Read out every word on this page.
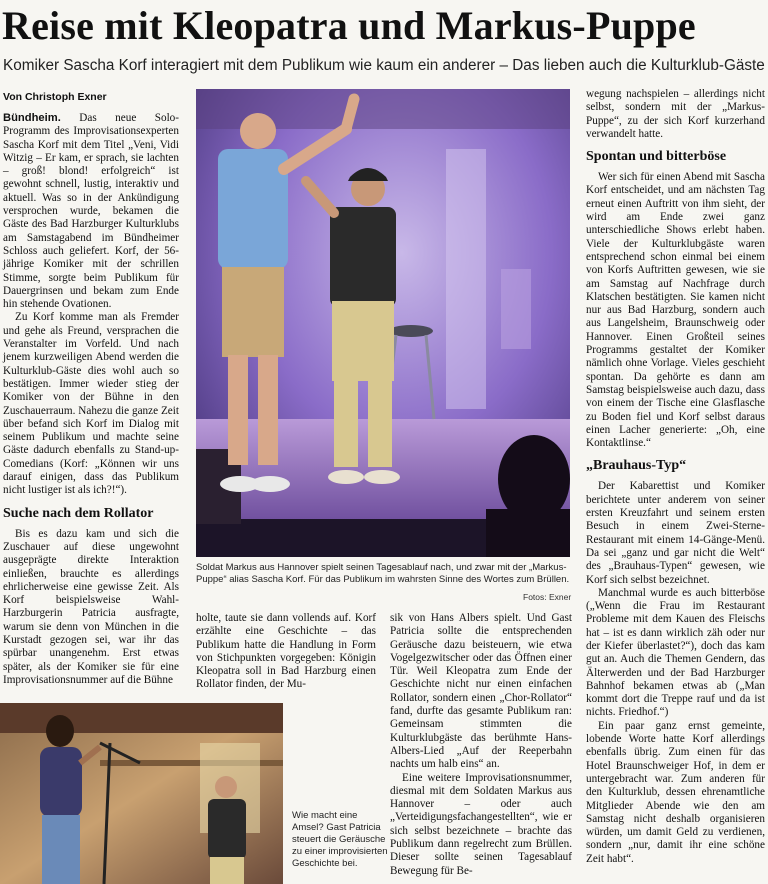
Reise mit Kleopatra und Markus-Puppe
Komiker Sascha Korf interagiert mit dem Publikum wie kaum ein anderer – Das lieben auch die Kulturklub-Gäste
Von Christoph Exner

Bündheim. Das neue Solo-Programm des Improvisationsexperten Sascha Korf mit dem Titel „Veni, Vidi Witzig – Er kam, er sprach, sie lachten – groß! blond! erfolgreich“ ist gewohnt schnell, lustig, interaktiv und aktuell. Was so in der Ankündigung versprochen wurde, bekamen die Gäste des Bad Harzburger Kulturklubs am Samstagabend im Bündheimer Schloss auch geliefert. Korf, der 56-jährige Komiker mit der schrillen Stimme, sorgte beim Publikum für Dauergrinsen und bekam zum Ende hin stehende Ovationen.

Zu Korf komme man als Fremder und gehe als Freund, versprachen die Veranstalter im Vorfeld. Und nach jenem kurzweiligen Abend werden die Kulturklub-Gäste dies wohl auch so bestätigen. Immer wieder stieg der Komiker von der Bühne in den Zuschauerraum. Nahezu die ganze Zeit über befand sich Korf im Dialog mit seinem Publikum und machte seine Gäste dadurch ebenfalls zu Stand-up-Comedians (Korf: „Können wir uns darauf einigen, dass das Publikum nicht lustiger ist als ich?!“).

Suche nach dem Rollator

Bis es dazu kam und sich die Zuschauer auf diese ungewohnt ausgeprägte direkte Interaktion einließen, brauchte es allerdings ehrlicherweise eine gewisse Zeit. Als Korf beispielsweise Wahl-Harzburgerin Patricia ausfragte, warum sie denn von München in die Kurstadt gezogen sei, war ihr das spürbar unangenehm. Erst etwas später, als der Komiker sie für eine Improvisationsnummer auf die Bühne

Soldat Markus aus Hannover spielt seinen Tagesablauf nach, und zwar mit der „Markus-Puppe“ alias Sascha Korf. Für das Publikum im wahrsten Sinne des Wortes zum Brüllen.
Fotos: Exner

holte, taute sie dann vollends auf. Korf erzählte eine Geschichte – das Publikum hatte die Handlung in Form von Stichpunkten vorgegeben: Königin Kleopatra soll in Bad Harzburg einen Rollator finden, der Mu-

sik von Hans Albers spielt. Und Gast Patricia sollte die entsprechenden Geräusche dazu beisteuern, wie etwa Vogelgezwitscher oder das Öffnen einer Tür. Weil Kleopatra zum Ende der Geschichte nicht nur einen einfachen Rollator, sondern einen „Chor-Rollator“ fand, durfte das gesamte Publikum ran: Gemeinsam stimmten die Kulturklubgäste das berühmte Hans-Albers-Lied „Auf der Reeperbahn nachts um halb eins“ an.

Eine weitere Improvisationsnummer, diesmal mit dem Soldaten Markus aus Hannover – oder auch „Verteidigungsfachangestellten“, wie er sich selbst bezeichnete – brachte das Publikum dann regelrecht zum Brüllen. Dieser sollte seinen Tagesablauf Bewegung für Be-

Wie macht eine Amsel? Gast Patricia steuert die Geräusche zu einer improvisierten Geschichte bei.

wegung nachspielen – allerdings nicht selbst, sondern mit der „Markus-Puppe“, zu der sich Korf kurzerhand verwandelt hatte.

Spontan und bitterböse

Wer sich für einen Abend mit Sascha Korf entscheidet, und am nächsten Tag erneut einen Auftritt von ihm sieht, der wird am Ende zwei ganz unterschiedliche Shows erlebt haben. Viele der Kulturklubgäste waren entsprechend schon einmal bei einem von Korfs Auftritten gewesen, wie sie am Samstag auf Nachfrage durch Klatschen bestätigten. Sie kamen nicht nur aus Bad Harzburg, sondern auch aus Langelsheim, Braunschweig oder Hannover. Einen Großteil seines Programms gestaltet der Komiker nämlich ohne Vorlage. Vieles geschieht spontan. Da gehörte es dann am Samstag beispielsweise auch dazu, dass von einem der Tische eine Glasflasche zu Boden fiel und Korf selbst daraus einen Lacher generierte: „Oh, eine Kontaktlinse.“

„Brauhaus-Typ“

Der Kabarettist und Komiker berichtete unter anderem von seiner ersten Kreuzfahrt und seinem ersten Besuch in einem Zwei-Sterne-Restaurant mit einem 14-Gänge-Menü. Da sei „ganz und gar nicht die Welt“ des „Brauhaus-Typen“ gewesen, wie Korf sich selbst bezeichnet.

Manchmal wurde es auch bitterböse („Wenn die Frau im Restaurant Probleme mit dem Kauen des Fleischs hat – ist es dann wirklich zäh oder nur der Kiefer überlastet?“), doch das kam gut an. Auch die Themen Gendern, das Älterwerden und der Bad Harzburger Bahnhof bekamen etwas ab („Man kommt dort die Treppe rauf und da ist nichts. Friedhof.“)

Ein paar ganz ernst gemeinte, lobende Worte hatte Korf allerdings ebenfalls übrig. Zum einen für das Hotel Braunschweiger Hof, in dem er untergebracht war. Zum anderen für den Kulturklub, dessen ehrenamtliche Mitglieder Abende wie den am Samstag nicht deshalb organisieren würden, um damit Geld zu verdienen, sondern „nur, damit ihr eine schöne Zeit habt“.
